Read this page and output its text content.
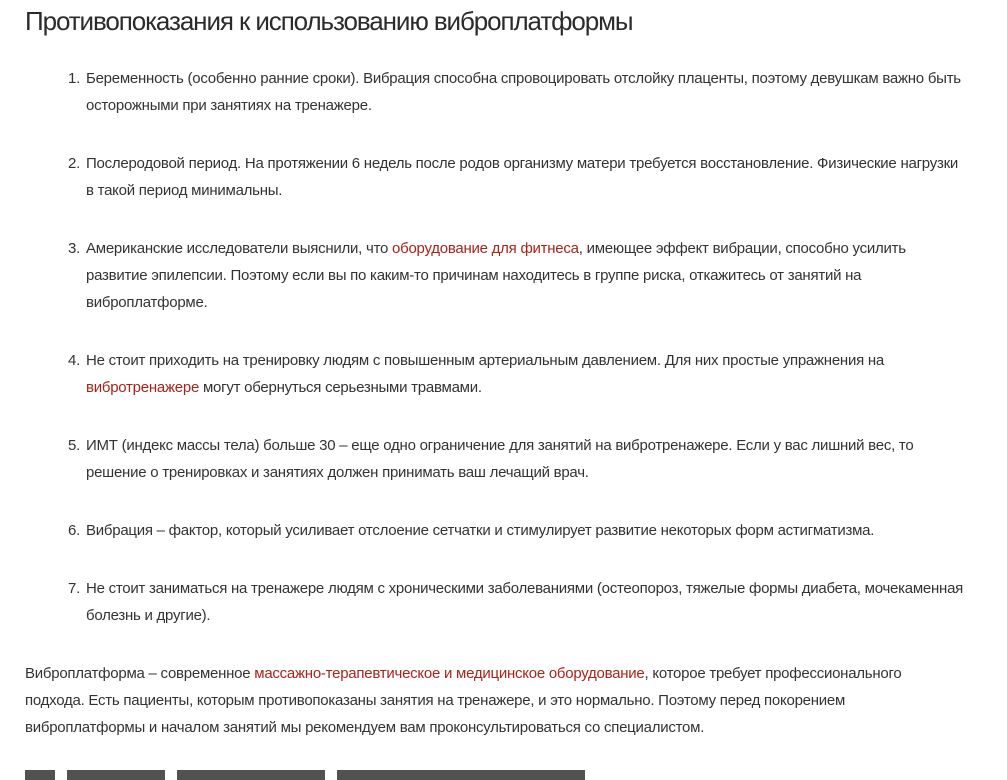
Противопоказания к использованию виброплатформы
1. Беременность (особенно ранние сроки). Вибрация способна спровоцировать отслойку плаценты, поэтому девушкам важно быть осторожными при занятиях на тренажере.
2. Послеродовой период. На протяжении 6 недель после родов организму матери требуется восстановление. Физические нагрузки в такой период минимальны.
3. Американские исследователи выяснили, что оборудование для фитнеса, имеющее эффект вибрации, способно усилить развитие эпилепсии. Поэтому если вы по каким-то причинам находитесь в группе риска, откажитесь от занятий на виброплатформе.
4. Не стоит приходить на тренировку людям с повышенным артериальным давлением. Для них простые упражнения на вибротренажере могут обернуться серьезными травмами.
5. ИМТ (индекс массы тела) больше 30 – еще одно ограничение для занятий на вибротренажере. Если у вас лишний вес, то решение о тренировках и занятиях должен принимать ваш лечащий врач.
6. Вибрация – фактор, который усиливает отслоение сетчатки и стимулирует развитие некоторых форм астигматизма.
7. Не стоит заниматься на тренажере людям с хроническими заболеваниями (остеопороз, тяжелые формы диабета, мочекаменная болезнь и другие).

Виброплатформа – современное массажно-терапевтическое и медицинское оборудование, которое требует профессионального подхода. Есть пациенты, которым противопоказаны занятия на тренажере, и это нормально. Поэтому перед покорением виброплатформы и началом занятий мы рекомендуем вам проконсультироваться со специалистом.
